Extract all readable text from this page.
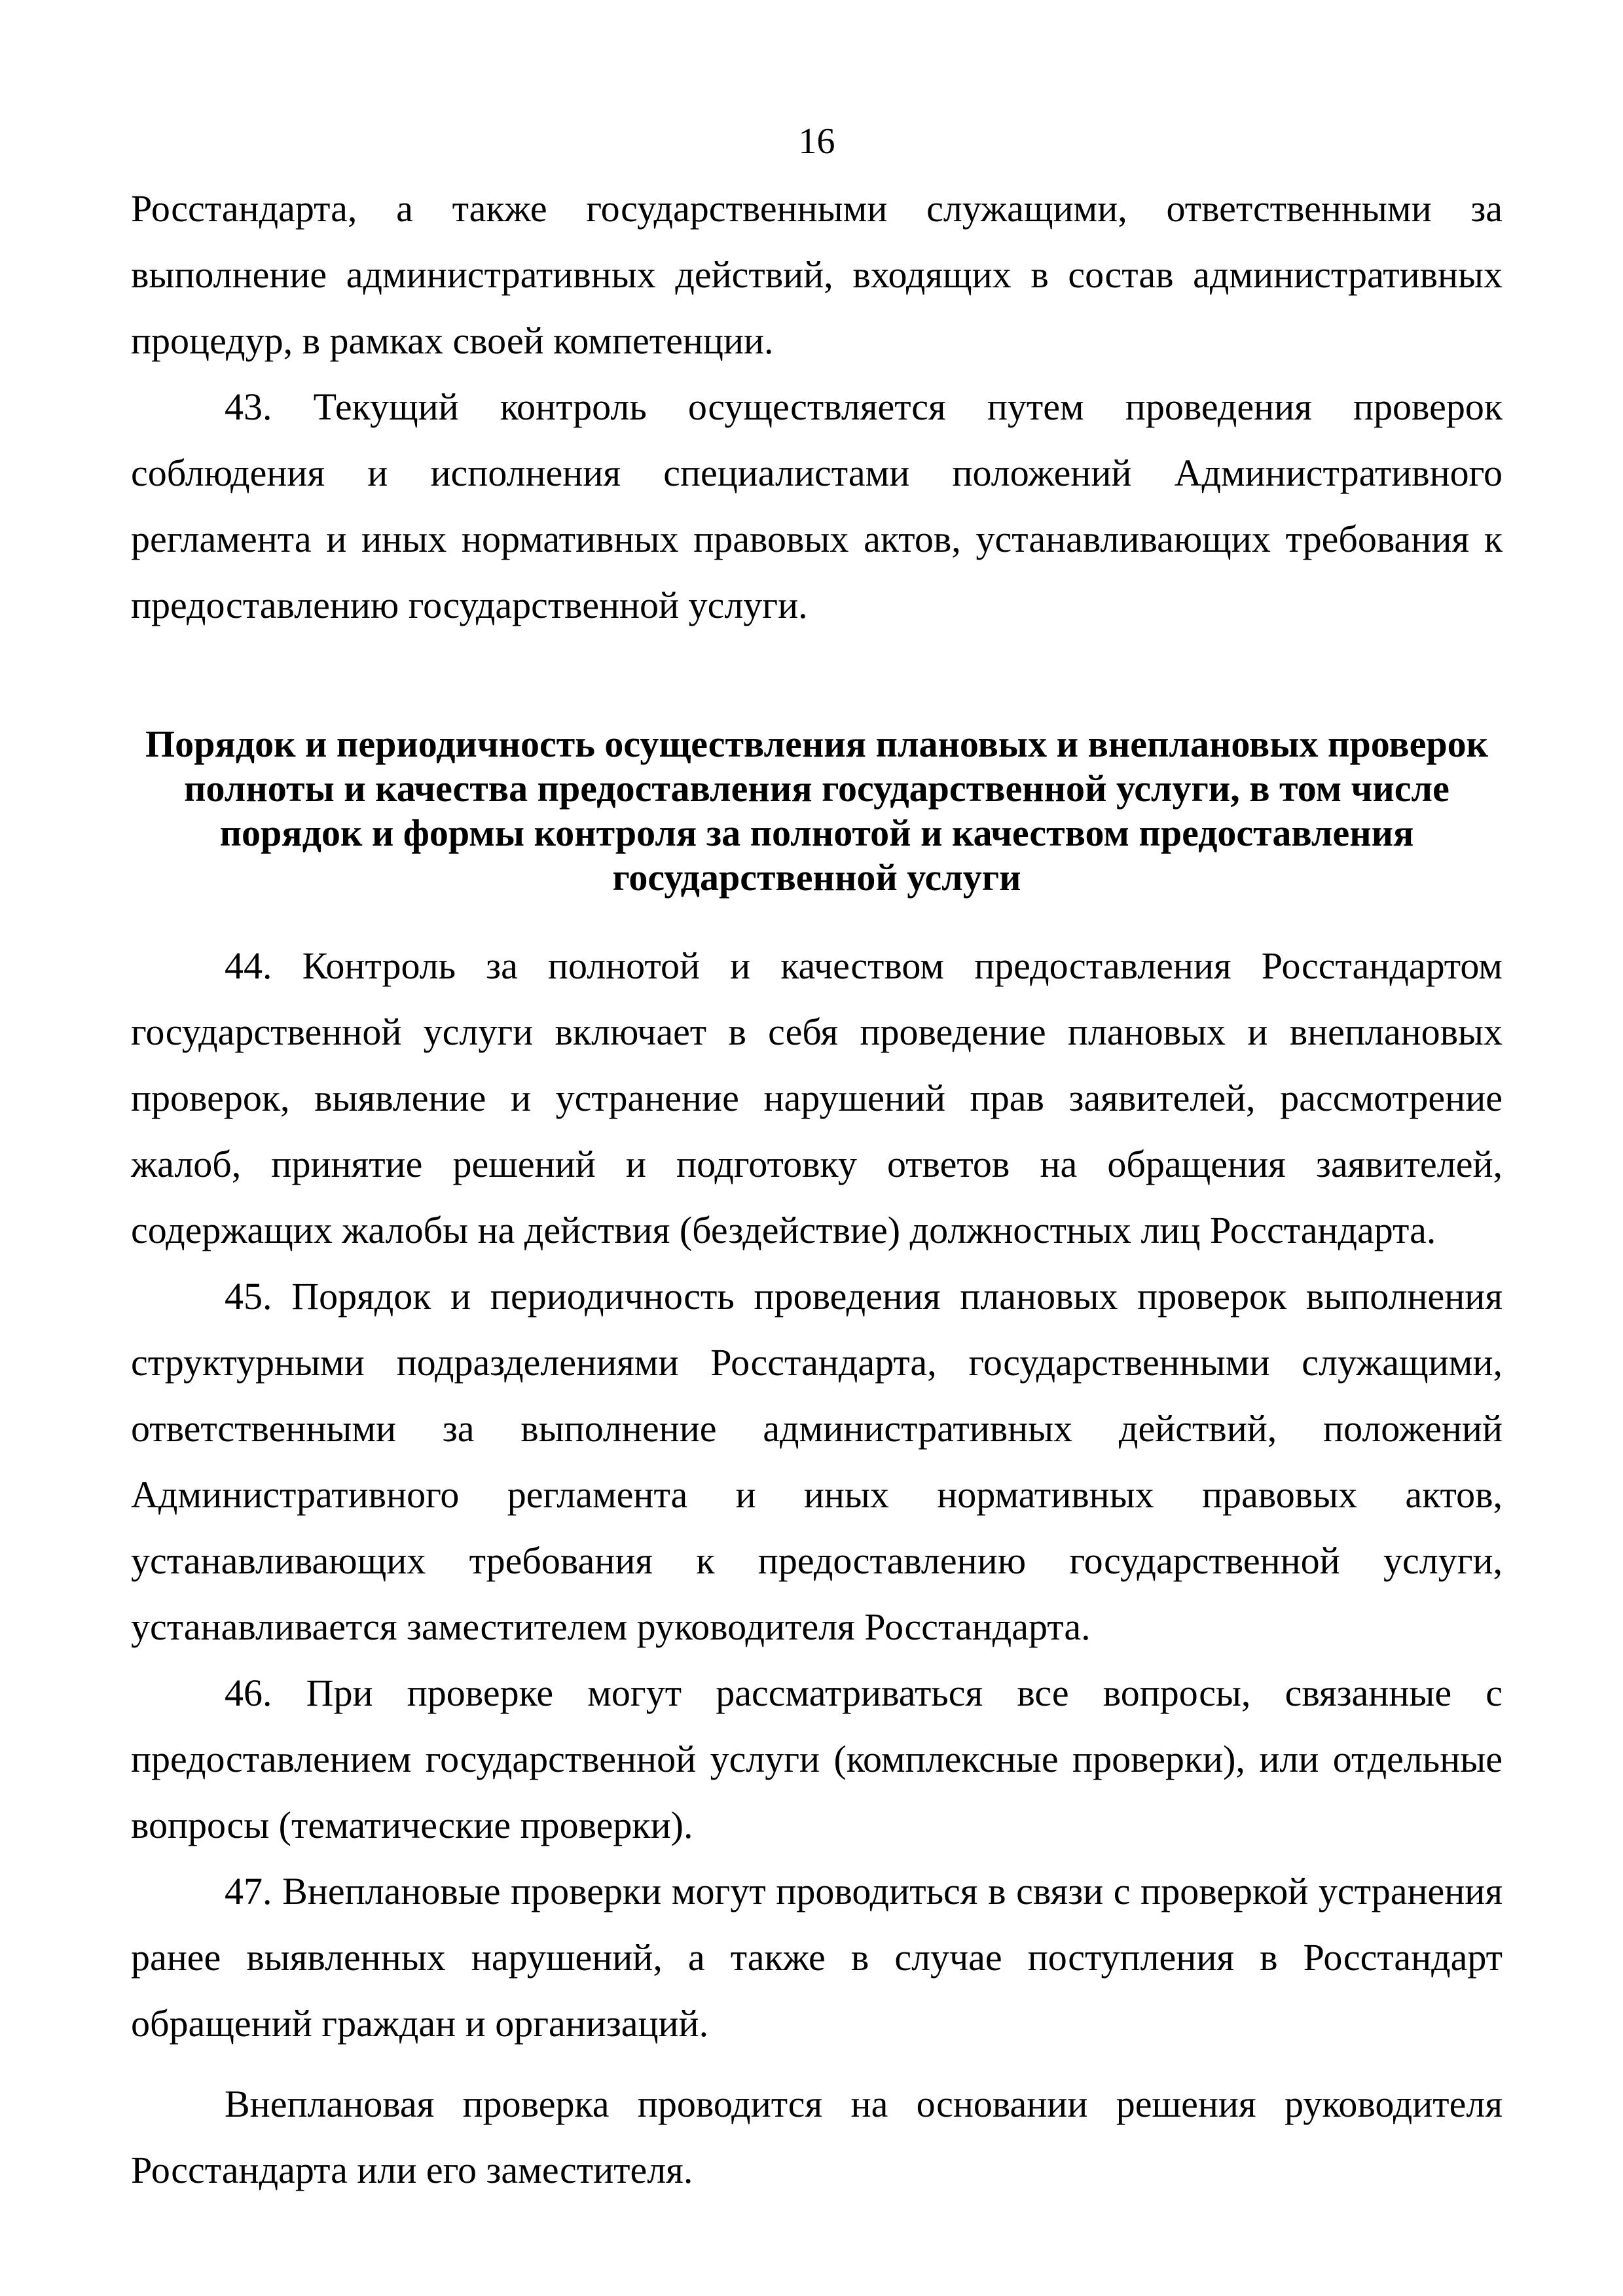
16

Росстандарта, а также государственными служащими, ответственными за выполнение административных действий, входящих в состав административных процедур, в рамках своей компетенции.

43. Текущий контроль осуществляется путем проведения проверок соблюдения и исполнения специалистами положений Административного регламента и иных нормативных правовых актов, устанавливающих требования к предоставлению государственной услуги.

Порядок и периодичность осуществления плановых и внеплановых проверок
полноты и качества предоставления государственной услуги, в том числе
порядок и формы контроля за полнотой и качеством предоставления
государственной услуги

44. Контроль за полнотой и качеством предоставления Росстандартом государственной услуги включает в себя проведение плановых и внеплановых проверок, выявление и устранение нарушений прав заявителей, рассмотрение жалоб, принятие решений и подготовку ответов на обращения заявителей, содержащих жалобы на действия (бездействие) должностных лиц Росстандарта.

45. Порядок и периодичность проведения плановых проверок выполнения структурными подразделениями Росстандарта, государственными служащими, ответственными за выполнение административных действий, положений Административного регламента и иных нормативных правовых актов, устанавливающих требования к предоставлению государственной услуги, устанавливается заместителем руководителя Росстандарта.

46. При проверке могут рассматриваться все вопросы, связанные с предоставлением государственной услуги (комплексные проверки), или отдельные вопросы (тематические проверки).

47. Внеплановые проверки могут проводиться в связи с проверкой устранения ранее выявленных нарушений, а также в случае поступления в Росстандарт обращений граждан и организаций.

Внеплановая проверка проводится на основании решения руководителя Росстандарта или его заместителя.
